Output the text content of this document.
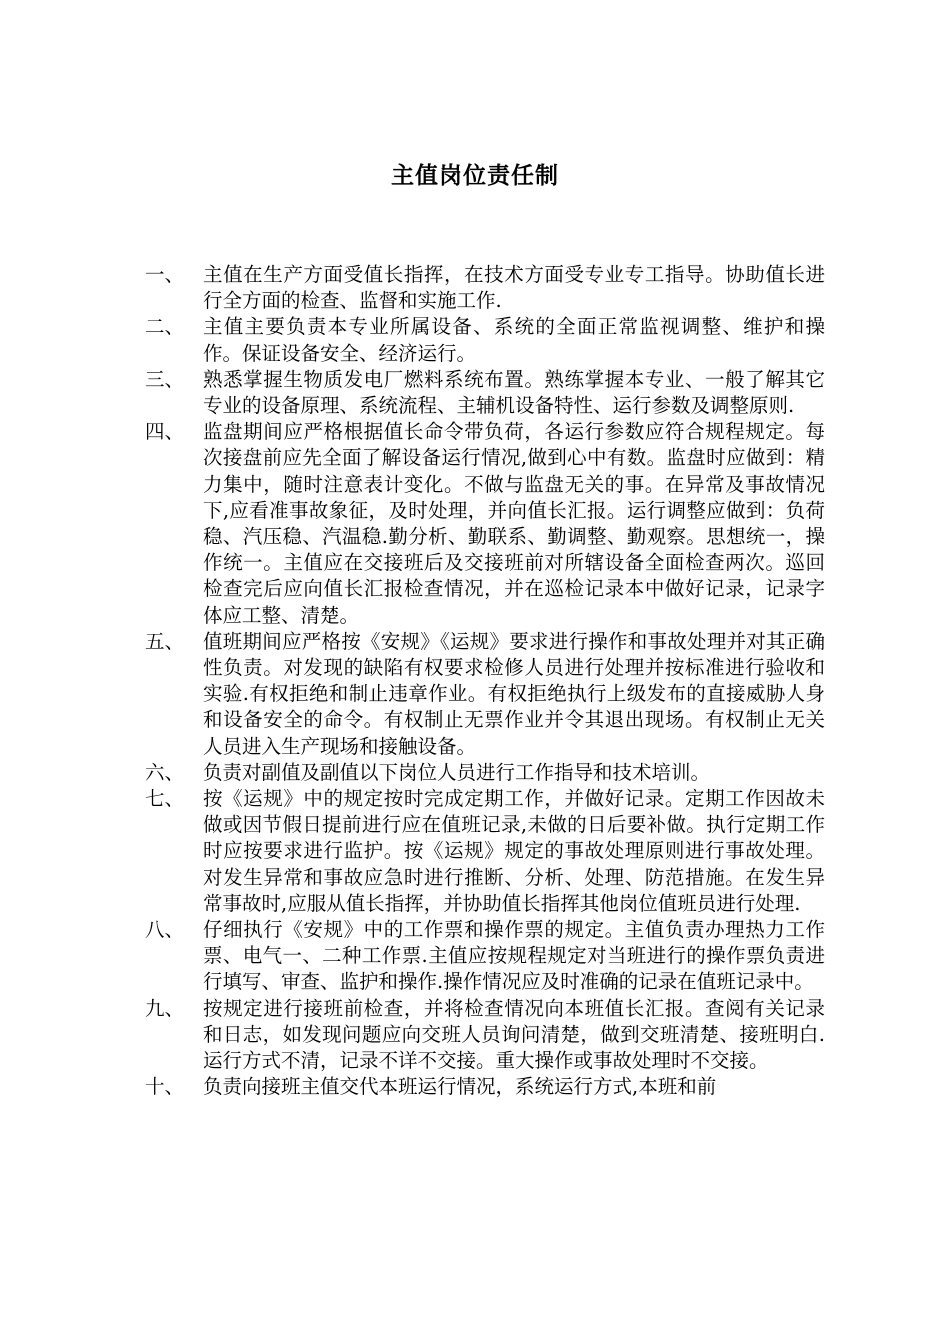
主值岗位责任制
一、 主值在生产方面受值长指挥，在技术方面受专业专工指导。协助值长进行全方面的检查、监督和实施工作.
二、 主值主要负责本专业所属设备、系统的全面正常监视调整、维护和操作。保证设备安全、经济运行。
三、 熟悉掌握生物质发电厂燃料系统布置。熟练掌握本专业、一般了解其它专业的设备原理、系统流程、主辅机设备特性、运行参数及调整原则.
四、 监盘期间应严格根据值长命令带负荷，各运行参数应符合规程规定。每次接盘前应先全面了解设备运行情况,做到心中有数。监盘时应做到：精力集中，随时注意表计变化。不做与监盘无关的事。在异常及事故情况下,应看准事故象征，及时处理，并向值长汇报。运行调整应做到：负荷稳、汽压稳、汽温稳.勤分析、勤联系、勤调整、勤观察。思想统一，操作统一。主值应在交接班后及交接班前对所辖设备全面检查两次。巡回检查完后应向值长汇报检查情况，并在巡检记录本中做好记录，记录字体应工整、清楚。
五、 值班期间应严格按《安规》《运规》要求进行操作和事故处理并对其正确性负责。对发现的缺陷有权要求检修人员进行处理并按标准进行验收和实验.有权拒绝和制止违章作业。有权拒绝执行上级发布的直接威胁人身和设备安全的命令。有权制止无票作业并令其退出现场。有权制止无关人员进入生产现场和接触设备。
六、 负责对副值及副值以下岗位人员进行工作指导和技术培训。
七、 按《运规》中的规定按时完成定期工作，并做好记录。定期工作因故未做或因节假日提前进行应在值班记录,未做的日后要补做。执行定期工作时应按要求进行监护。按《运规》规定的事故处理原则进行事故处理。对发生异常和事故应急时进行推断、分析、处理、防范措施。在发生异常事故时,应服从值长指挥，并协助值长指挥其他岗位值班员进行处理.
八、 仔细执行《安规》中的工作票和操作票的规定。主值负责办理热力工作票、电气一、二种工作票.主值应按规程规定对当班进行的操作票负责进行填写、审查、监护和操作.操作情况应及时准确的记录在值班记录中。
九、 按规定进行接班前检查，并将检查情况向本班值长汇报。查阅有关记录和日志，如发现问题应向交班人员询问清楚，做到交班清楚、接班明白.运行方式不清，记录不详不交接。重大操作或事故处理时不交接。
十、 负责向接班主值交代本班运行情况，系统运行方式,本班和前
